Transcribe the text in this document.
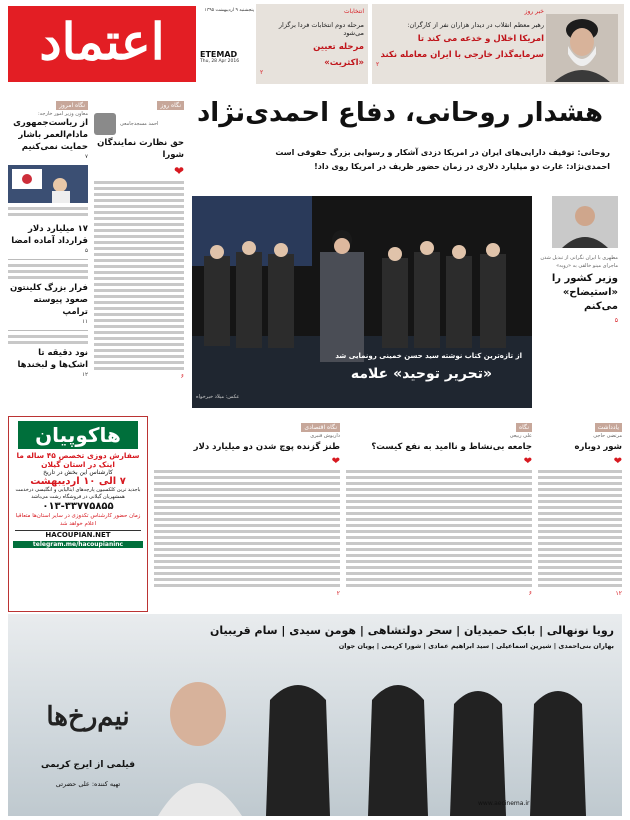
اعتماد
پنجشنبه ۹ اردیبهشت ۱۳۹۵
ETEMAD
Thu, 28 Apr 2016
انتخابات
مرحله دوم انتخابات فردا برگزار می‌شود
مرحله تعیین
«اکثریت»
۲
خبر روز
رهبر معظم انقلاب در دیدار هزاران نفر از کارگران:
امریکا اخلال و خدعه می کند تا
سرمایه‌گذار خارجی با ایران معامله نکند
۲
نگاه امروز
معاون وزیر امور خارجه:
از ریاست‌جمهوری مادام‌العمر باشار حمایت نمی‌کنیم
۷
۱۷ میلیارد دلار قرارداد آماده امضا
۵
فرار بزرگ کلینتون صعود پیوسته ترامپ
۱۱
نود دقیقه تا اشک‌ها و لبخندها
۱۲
نگاه روز
احمد مسجدجامعی
حق نظارت نمایندگان شورا
❤
۶
هشدار روحانی، دفاع احمدی‌نژاد
روحانی: توقیف دارایی‌های ایران در امریکا دزدی آشکار و رسوایی بزرگ حقوقی است
احمدی‌نژاد: غارت دو میلیارد دلاری در زمان حضور ظریف در امریکا روی داد!
از تازه‌ترین کتاب نوشته سید حسن خمینی رونمایی شد
«تحریر توحید» علامه
عکس: میلاد خیرخواه
مطهری با ایران نگرانی از تبدیل شدن ماجرای مینو خالقی به «رویه»
وزیر کشور را «استیضاح» می‌کنم
۵
هاکوپیان
سفارش دوزی تخصص ۴۵ ساله ما
اینک در استان گیلان
کارشناس این بخش در تاریخ
۷ الی ۱۰ اردیبهشت
باجدید ترین کلکسیون پارچه‌های ایتالیایی و انگلیسی درخدمت همشهریان گیلانی در فروشگاه رشت می‌باشد
۰۱۳-۳۳۷۷۵۸۵۵
زمان حضور کارشناس تکدوزی در سایر استان‌ها متعاقبا اعلام خواهد شد
HACOUPIAN.NET
telegram.me/hacoupianinc
یادداشت
مرتضی حاجی
شور دوباره
❤
۱۲
نگاه
علی ربیعی
جامعه بی‌نشاط و ناامید به نفع کیست؟
❤
۶
نگاه اقتصادی
داریوش قنبری
طنز گزنده پوچ شدن دو میلیارد دلار
❤
۲
رویا نونهالی | بابک حمیدیان | سحر دولتشاهی | هومن سیدی | سام قریبیان
بهاران بنی‌احمدی | شیرین اسماعیلی | سید ابراهیم عمادی | شورا کریمی | پویان جوان
نیم‌رخ‌ها
فیلمی از ایرج کریمی
تهیه کننده: علی حضرتی
www.aecinema.ir
